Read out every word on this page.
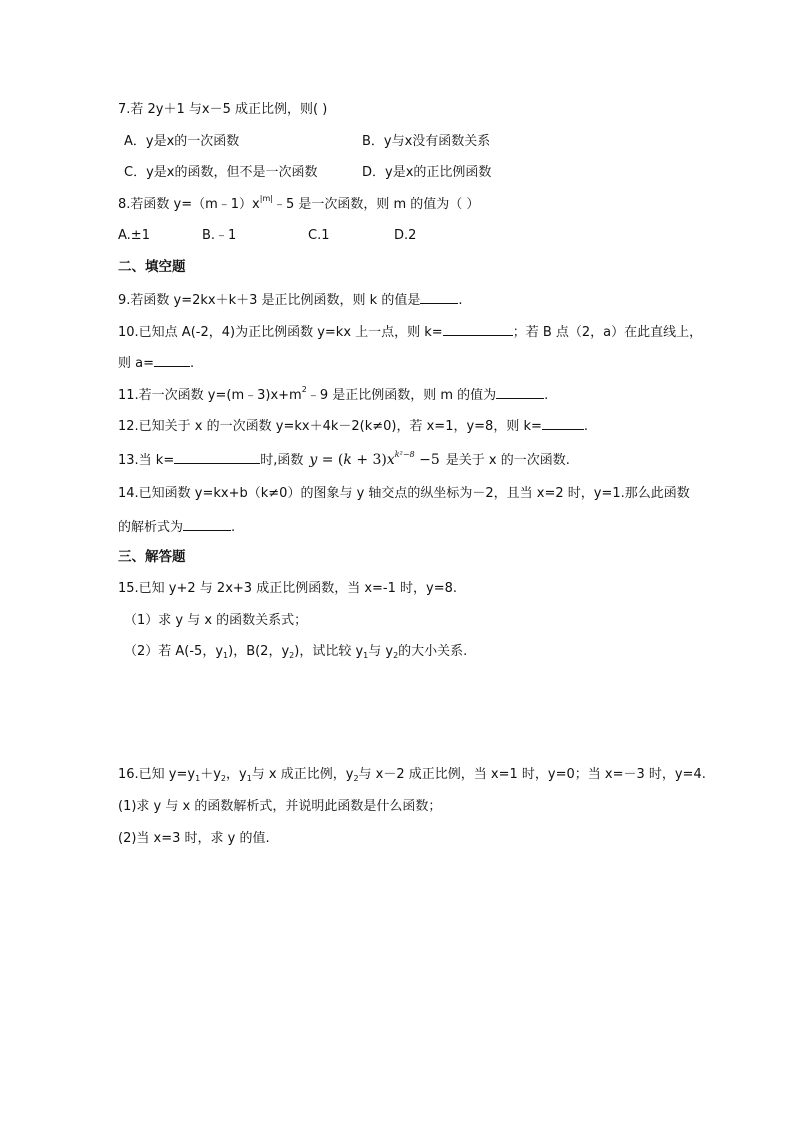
7.若 2y＋1 与x－5 成正比例，则( )
A．y是x的一次函数	B．y与x没有函数关系
C．y是x的函数，但不是一次函数	D．y是x的正比例函数
8.若函数 $y=(m﹣1)x^{|m|}﹣5$ 是一次函数，则 m 的值为（ ）
A.±1	B.﹣1	C.1	D.2
二、填空题
9.若函数 y=2kx＋k＋3 是正比例函数，则 k 的值是	.
10.已知点 A(-2，4)为正比例函数 y=kx 上一点，则 k=	；若 B 点（2，a）在此直线上，
则 a=	.
11.若一次函数 $y=(m﹣3)x+m^2﹣9$ 是正比例函数，则 m 的值为	.
12.已知关于 x 的一次函数 y=kx＋4k－2(k≠0)，若 x=1，y=8，则 k=	.
13.当 k=	时,函数 $y = (k + 3)x^{k^2-8} -5$ 是关于 x 的一次函数.
14.已知函数 y=kx+b（k≠0）的图象与 y 轴交点的纵坐标为－2，且当 x=2 时，y=1.那么此函数
的解析式为	.
三、解答题
15.已知 y+2 与 2x+3 成正比例函数，当 x=-1 时，y=8.
（1）求 y 与 x 的函数关系式；
（2）若 A(-5，$y_1$)，B(2，$y_2$)，试比较 $y_1$与 $y_2$的大小关系.
16.已知 $y=y_1+y_2$，$y_1$与 x 成正比例，$y_2$与 x－2 成正比例，当 x=1 时，y=0；当 x=－3 时，y=4.
(1)求 y 与 x 的函数解析式，并说明此函数是什么函数；
(2)当 x=3 时，求 y 的值.
